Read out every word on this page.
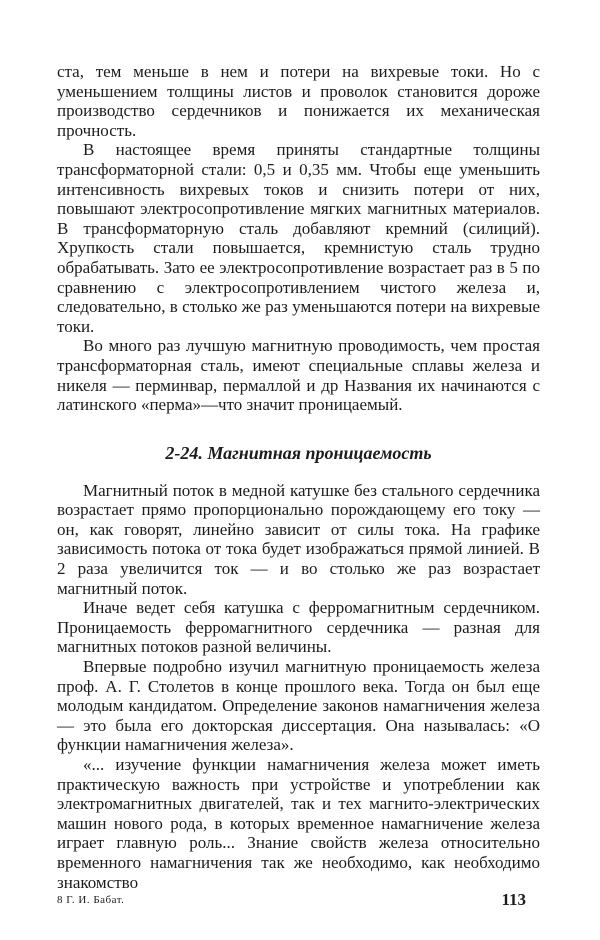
ста, тем меньше в нем и потери на вихревые токи. Но с уменьшением толщины листов и проволок становится дороже производство сердечников и понижается их механическая прочность.

В настоящее время приняты стандартные толщины трансформаторной стали: 0,5 и 0,35 мм. Чтобы еще уменьшить интенсивность вихревых токов и снизить потери от них, повышают электросопротивление мягких магнитных материалов. В трансформаторную сталь добавляют кремний (силиций). Хрупкость стали повышается, кремнистую сталь трудно обрабатывать. Зато ее электросопротивление возрастает раз в 5 по сравнению с электросопротивлением чистого железа и, следовательно, в столько же раз уменьшаются потери на вихревые токи.

Во много раз лучшую магнитную проводимость, чем простая трансформаторная сталь, имеют специальные сплавы железа и никеля — перминвар, пермаллой и др Названия их начинаются с латинского «перма»—что значит проницаемый.

2-24. Магнитная проницаемость

Магнитный поток в медной катушке без стального сердечника возрастает прямо пропорционально порождающему его току — он, как говорят, линейно зависит от силы тока. На графике зависимость потока от тока будет изображаться прямой линией. В 2 раза увеличится ток — и во столько же раз возрастает магнитный поток.

Иначе ведет себя катушка с ферромагнитным сердечником. Проницаемость ферромагнитного сердечника — разная для магнитных потоков разной величины.

Впервые подробно изучил магнитную проницаемость железа проф. А. Г. Столетов в конце прошлого века. Тогда он был еще молодым кандидатом. Определение законов намагничения железа — это была его докторская диссертация. Она называлась: «О функции намагничения железа».

«... изучение функции намагничения железа может иметь практическую важность при устройстве и употреблении как электромагнитных двигателей, так и тех магнито-электрических машин нового рода, в которых временное намагничение железа играет главную роль... Знание свойств железа относительно временного намагничения так же необходимо, как необходимо знакомство

8 Г. И. Бабат.	113
